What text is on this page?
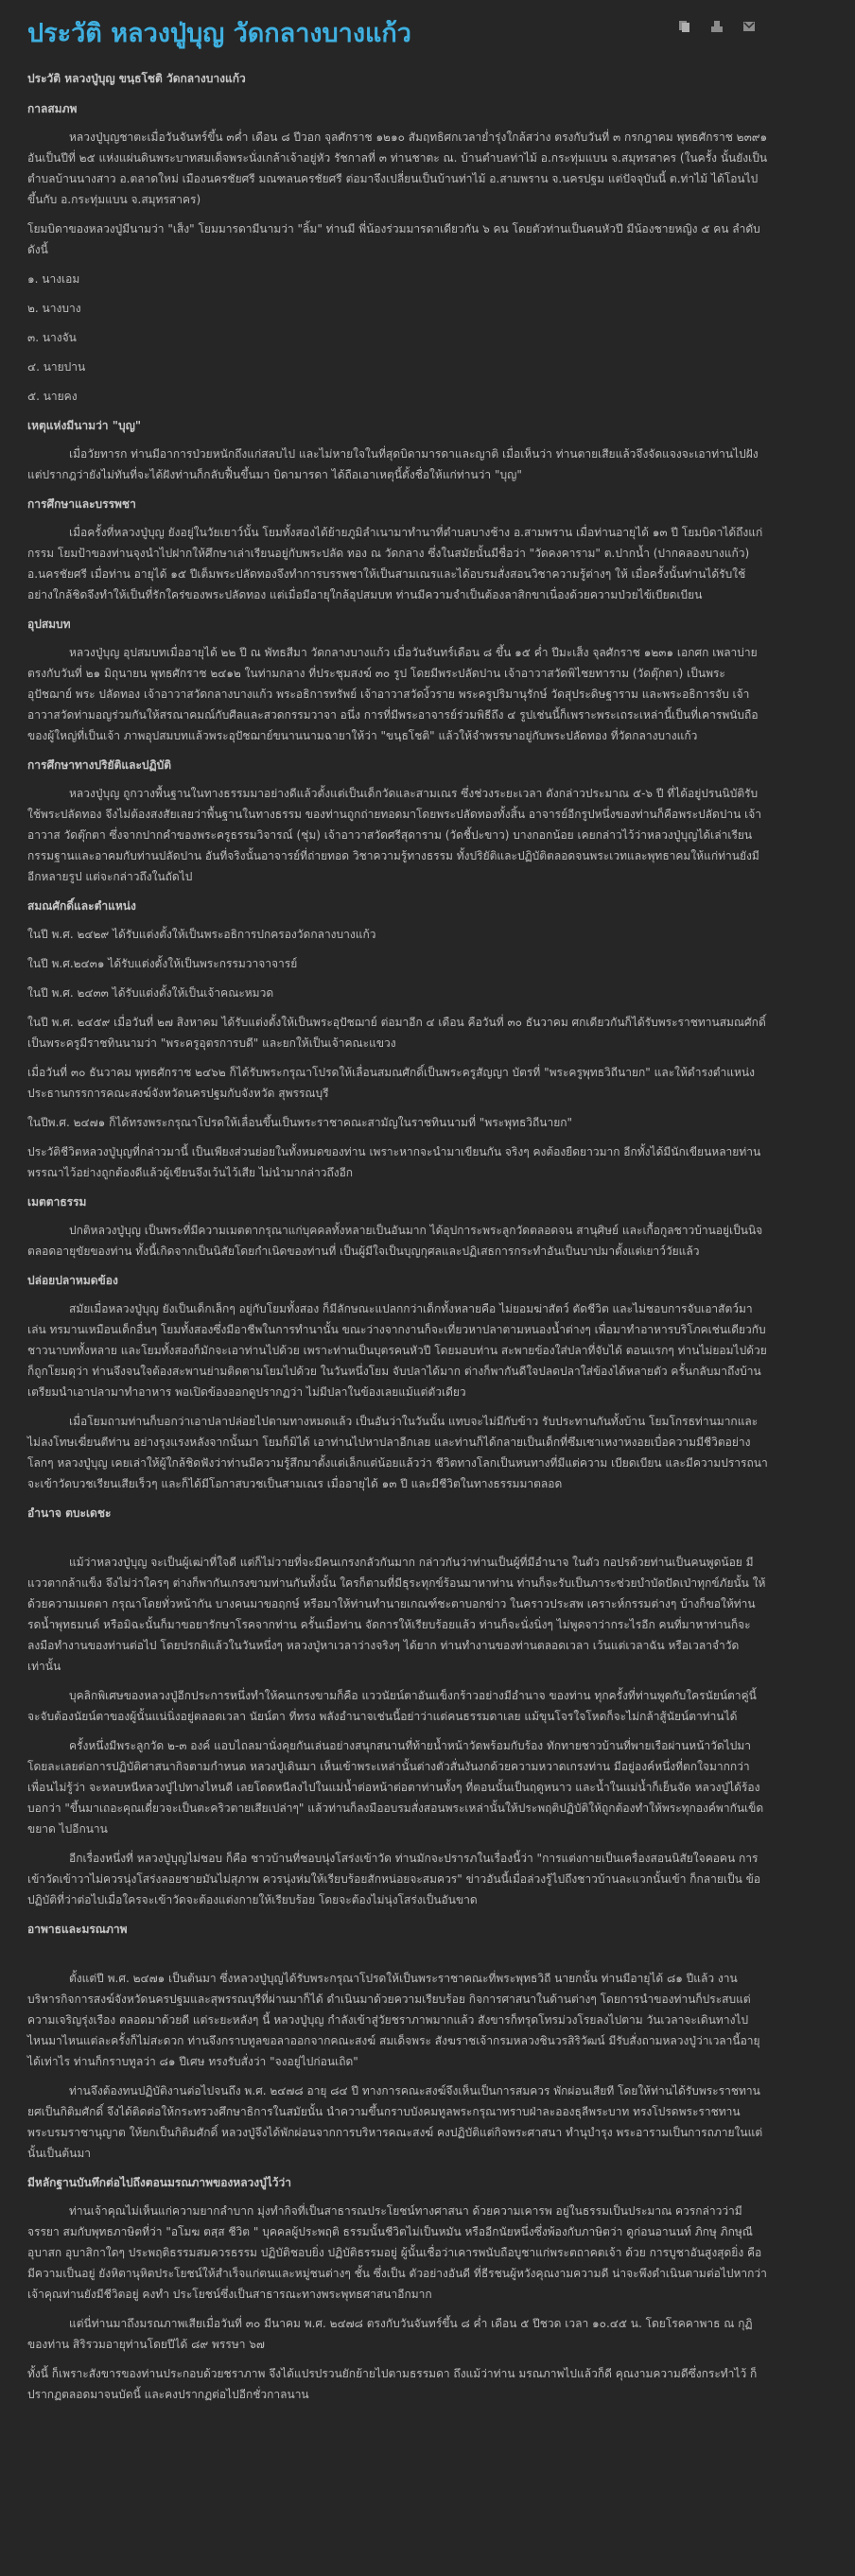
ประวัติ หลวงปู่บุญ วัดกลางบางแก้ว
ประวัติ หลวงปู่บุญ ขนฺธโชติ วัดกลางบางแก้ว
กาลสมภพ

หลวงปู่บุญชาตะเมื่อวันจันทร์ขึ้น ๓ค่ำ เดือน ๘ ปีวอก จุลศักราช ๑๒๑๐ สัมฤทธิศกเวลาย่ำรุ่งใกล้สว่าง ตรงกับวันที่ ๓ กรกฎาคม พุทธศักราช ๒๓๙๑ อันเป็นปีที่ ๒๕ แห่งแผ่นดินพระบาทสมเด็จพระนั่งเกล้าเจ้าอยู่หัว รัชกาลที่ ๓ ท่านชาตะ ณ. บ้านตำบลท่าไม้ อ.กระทุ่มแบน จ.สมุทรสาคร (ในครั้ง นั้นยังเป็นตำบลบ้านนางสาว อ.ตลาดใหม่ เมืองนครชัยศรี มณฑลนครชัยศรี ต่อมาจึงเปลี่ยนเป็นบ้านท่าไม้ อ.สามพราน จ.นครปฐม แต่ปัจจุบันนี้ ต.ท่าไม้ ได้โอนไปขึ้นกับ อ.กระทุ่มแบน จ.สมุทรสาคร)

โยมบิดาของหลวงปู่มีนามว่า "เส็ง" โยมมารดามีนามว่า "ลิ้ม" ท่านมี พี่น้องร่วมมารดาเดียวกัน ๖ คน โดยตัวท่านเป็นคนหัวปี มีน้องชายหญิง ๕ คน ลำดับดังนี้

๑. นางเอม

๒. นางบาง

๓. นางจัน

๔. นายปาน

๕. นายคง

เหตุแห่งมีนามว่า "บุญ"

เมื่อวัยทารก ท่านมีอาการป่วยหนักถึงแก่สลบไป และไม่หายใจในที่สุดบิดามารดาและญาติ เมื่อเห็นว่า ท่านตายเสียแล้วจึงจัดแจงจะเอาท่านไปฝัง แต่ปรากฎว่ายังไม่ทันที่จะได้ฝังท่านก็กลับฟื้นขึ้นมา บิดามารดา ได้ถือเอาเหตุนี้ตั้งชื่อให้แก่ท่านว่า "บุญ"

การศึกษาและบรรพชา

เมื่อครั้งที่หลวงปู่บุญ ยังอยู่ในวัยเยาว์นั้น โยมทั้งสองได้ย้ายภูมิลำเนามาทำนาที่ตำบลบางช้าง อ.สามพราน เมื่อท่านอายุได้ ๑๓ ปี โยมบิดาได้ถึงแก่กรรม โยมป้าของท่านจุงนำไปฝากให้ศึกษาเล่าเรียนอยู่กับพระปลัด ทอง ณ วัดกลาง ซึ่งในสมัยนั้นมีชื่อว่า "วัดคงคาราม" ต.ปากน้ำ (ปากคลองบางแก้ว) อ.นครชัยศรี เมื่อท่าน อายุได้ ๑๕ ปีเต็มพระปลัดทองจึงทำการบรรพชาให้เป็นสามเณรและได้อบรมสั่งสอนวิชาความรู้ต่างๆ ให้ เมื่อครั้งนั้นท่านได้รับใช้อย่างใกล้ชิดจึงทำให้เป็นที่รักใคร่ของพระปลัดทอง แต่เมื่อมีอายุใกล้อุปสมบท ท่านมีความจำเป็นต้องลาสิกขาเนื่องด้วยความป่วยไข้เบียดเบียน

อุปสมบท

หลวงปู่บุญ อุปสมบทเมื่ออายุได้ ๒๒ ปี ณ พัทธสีมา วัดกลางบางแก้ว เมื่อวันจันทร์เดือน ๘ ขึ้น ๑๕ ค่ำ ปีมะเส็ง จุลศักราช ๑๒๓๑ เอกศก เพลาบ่ายตรงกับวันที่ ๒๑ มิถุนายน พุทธศักราช ๒๔๑๒ ในท่ามกลาง ที่ประชุมสงฆ์ ๓๐ รูป โดยมีพระปลัดปาน เจ้าอาวาสวัดพิไชยทาราม (วัดตุ๊กตา) เป็นพระอุปัชฌาย์ พระ ปลัดทอง เจ้าอาวาสวัดกลางบางแก้ว พระอธิการทรัพย์ เจ้าอาวาสวัดงิ้วราย พระครูปริมานุรักษ์ วัดสุประดิษฐาราม และพระอธิการจับ เจ้าอาวาสวัดท่ามอญร่วมกันให้สรณาคมณ์กับศีลและสวดกรรมวาจา อนึ่ง การที่มีพระอาจารย์ร่วมพิธีถึง ๔ รูปเช่นนี้ก็เพราะพระเถระเหล่านี้เป็นที่เคารพนับถือ ของผู้ใหญ่ที่เป็นเจ้า ภาพอุปสมบทแล้วพระอุปัชฌาย์ขนานนามฉายาให้ว่า "ขนฺธโชติ" แล้วให้จำพรรษาอยู่กับพระปลัดทอง ที่วัดกลางบางแก้ว

การศึกษาทางปริยัติและปฏิบัติ

หลวงปู่บุญ ถูกวางพื้นฐานในทางธรรมมาอย่างดีแล้วตั้งแต่เป็นเด็กวัดและสามเณร ซึ่งช่วงระยะเวลา ดังกล่าวประมาณ ๕-๖ ปี ที่ได้อยู่ปรนนิบัติรับใช้พระปลัดทอง จึงไม่ต้องสงสัยเลยว่าพื้นฐานในทางธรรม ของท่านถูกถ่ายทอดมาโดยพระปลัดทองทั้งสิ้น อาจารย์อีกรูปหนึ่งของท่านก็คือพระปลัดปาน เจ้าอาวาส วัดตุ๊กตา ซึ่งจากปากคำของพระครูธรรมวิจารณ์ (ชุ่ม) เจ้าอาวาสวัดศรีสุดาราม (วัดชี้ปะขาว) บางกอกน้อย เคยกล่าวไว้ว่าหลวงปู่บุญได้เล่าเรียนกรรมฐานและอาคมกับท่านปลัดปาน อันที่จริงนั้นอาจารย์ที่ถ่ายทอด วิชาความรู้ทางธรรม ทั้งปริยัติและปฏิบัติตลอดจนพระเวทและพุทธาคมให้แก่ท่านยังมีอีกหลายรูป แต่จะกล่าวถึงในถัดไป

สมณศักดิ์และตำแหน่ง

ในปี พ.ศ. ๒๔๒๙ ได้รับแต่งตั้งให้เป็นพระอธิการปกครองวัดกลางบางแก้ว

ในปี พ.ศ.๒๔๓๑ ได้รับแต่งตั้งให้เป็นพระกรรมวาจาจารย์

ในปี พ.ศ. ๒๔๓๓ ได้รับแต่งตั้งให้เป็นเจ้าคณะหมวด

ในปี พ.ศ. ๒๔๕๙ เมื่อวันที่ ๒๗ สิงหาคม ได้รับแต่งตั้งให้เป็นพระอุปัชฌาย์ ต่อมาอีก ๔ เดือน คือวันที่ ๓๐ ธันวาคม ศกเดียวกันก็ได้รับพระราชทานสมณศักดิ์เป็นพระครูมีราชทินนามว่า "พระครูอุตรการบดี" และยกให้เป็นเจ้าคณะแขวง

เมื่อวันที่ ๓๐ ธันวาคม พุทธศักราช ๒๔๖๒ ก็ได้รับพระกรุณาโปรดให้เลื่อนสมณศักดิ์เป็นพระครูสัญญา บัตรที่ "พระครูพุทธวิถีนายก" และให้ดำรงตำแหน่งประธานกรรการคณะสงฆ์จังหวัดนครปฐมกับจังหวัด สุพรรณบุรี

ในปีพ.ศ. ๒๔๗๑ ก็ได้ทรงพระกรุณาโปรดให้เลื่อนขึ้นเป็นพระราชาคณะสามัญในราชทินนามที่ "พระพุทธวิถีนายก"

ประวัติชีวิตหลวงปู่บุญที่กล่าวมานี้ เป็นเพียงส่วนย่อยในทั้งหมดของท่าน เพราะหากจะนำมาเขียนกัน จริงๆ คงต้องยืดยาวมาก อีกทั้งได้มีนักเขียนหลายท่านพรรณาไว้อย่างถูกต้องดีแล้วผู้เขียนจึงเว้นไว้เสีย ไม่นำมากล่าวถึงอีก

เมตตาธรรม

ปกติหลวงปู่บุญ เป็นพระที่มีความเมตตากรุณาแก่บุคคลทั้งหลายเป็นอันมาก ได้อุปการะพระลูกวัดตลอดจน สานุศิษย์ และเกื้อกูลชาวบ้านอยู่เป็นนิจ ตลอดอายุขัยของท่าน ทั้งนี้เกิดจากเป็นนิสัยโดยกำเนิดของท่านที่ เป็นผู้มีใจเป็นบุญกุศลและปฏิเสธการกระทำอันเป็นบาปมาตั้งแต่เยาว์วัยแล้ว

ปล่อยปลาหมดข้อง

สมัยเมื่อหลวงปู่บุญ ยังเป็นเด็กเล็กๆ อยู่กับโยมทั้งสอง ก็มีลักษณะแปลกกว่าเด็กทั้งหลายคือ ไม่ยอมฆ่าสัตว์ ตัดชีวิต และไม่ชอบการจับเอาสัตว์มาเล่น ทรมานเหมือนเด็กอื่นๆ โยมทั้งสองซึ่งมีอาชีพในการทำนานั้น ขณะว่างจากงานก็จะเที่ยวหาปลาตามหนองน้ำต่างๆ เพื่อมาทำอาหารบริโภคเช่นเดียวกับชาวนาบททั้งหลาย และโยมทั้งสองก็มักจะเอาท่านไปด้วย เพราะท่านเป็นบุตรคนหัวปี โดยมอบท่าน สะพายข้องใส่ปลาที่จับได้ ตอนแรกๆ ท่านไม่ยอมไปด้วย ก็ถูกโยมดุว่า ท่านจึงจนใจต้องสะพานย่ามติดตามโยมไปด้วย ในวันหนึ่งโยม จับปลาได้มาก ต่างก็พากันดีใจปลดปลาใส่ข้องได้หลายตัว ครั้นกลับมาถึงบ้านเตรียมนำเอาปลามาทำอาหาร พอเปิดข้องออกดูปรากฏว่า ไม่มีปลาในข้องเลยแม้แต่ตัวเดียว

เมื่อโยมถามท่านก็บอกว่าเอาปลาปล่อยไปตามทางหมดแล้ว เป็นอันว่าในวันนั้น แทบจะไม่มีกับข้าว รับประทานกันทั้งบ้าน โยมโกรธท่านมากและไม่ลงโทษเฆี่ยนตีท่าน อย่างรุงแรงหลังจากนั้นมา โยมก็มิได้ เอาท่านไปหาปลาอีกเลย และท่านก็ได้กลายเป็นเด็กที่ซึมเซาเหงาหงอยเบื่อความมีชีวิตอย่างโลกๆ หลวงปู่บุญ เคยเล่าให้ผู้ใกล้ชิดฟังว่าท่านมีความรู้สึกมาตั้งแต่เล็กแต่น้อยแล้วว่า ชีวิตทางโลกเป็นหนทางที่มีแต่ความ เบียดเบียน และมีความปรารถนาจะเข้าวัดบวชเรียนเสียเร็วๆ และก็ได้มีโอกาสบวชเป็นสามเณร เมื่ออายุได้ ๑๓ ปี และมีชีวิตในทางธรรมมาตลอด

อำนาจ ตบะเดชะ

แม้ว่าหลวงปู่บุญ จะเป็นผู้เฒ่าที่ใจดี แต่ก็ไม่วายที่จะมีคนเกรงกลัวกันมาก กล่าวกันว่าท่านเป็นผู้ที่มีอำนาจ ในตัว กอปรด้วยท่านเป็นคนพูดน้อย มีแววตากล้าแข็ง จึงไม่ว่าใครๆ ต่างก็พากันเกรงขามท่านกันทั้งนั้น ใครก็ตามที่มีธุระทุกข์ร้อนมาหาท่าน ท่านก็จะรับเป็นภาระช่วยบำบัดปัดเป่าทุกข์ภัยนั้น ให้ด้วยความเมตตา กรุณาโดยทั่วหน้ากัน บางคนมาขอฤกษ์ หรือมาให้ท่านทำนายเกณฑ์ชะตาบอกข่าว ในคราวประสพ เคราะห์กรรมต่างๆ บ้างก็ขอให้ท่านรดน้ำพุทธมนต์ หรือมิฉะนั้นก็มาขอยารักษาโรคจากท่าน ครั้นเมื่อท่าน จัดการให้เรียบร้อยแล้ว ท่านก็จะนั่งนิ่งๆ ไม่พูดจาว่ากระไรอีก คนที่มาหาท่านก็จะลงมือทำงานของท่านต่อไป โดยปรกติแล้วในวันหนึ่งๆ หลวงปู่หาเวลาว่างจริงๆ ได้ยาก ท่านทำงานของท่านตลอดเวลา เว้นแต่เวลาฉัน หรือเวลาจำวัดเท่านั้น

บุคลิกพิเศษของหลวงปู่อีกประการหนึ่งทำให้คนเกรงขามก็คือ แววนัยน์ตาอันแข็งกร้าวอย่างมีอำนาจ ของท่าน ทุกครั้งที่ท่านพูดกับใครนัยน์ตาคู่นี้จะจับต้องนัยน์ตาของผู้นั้นแน่นิ่งอยู่ตลอดเวลา นัยน์ตา ที่ทรง พลังอำนาจเช่นนี้อย่าว่าแต่คนธรรมดาเลย แม้ขุนโจรใจโหดก็จะไม่กล้าสู้นัยน์ตาท่านได้

ครั้งหนึ่งมีพระลูกวัด ๒-๓ องค์ แอบไถลมานั่งคุยกันเล่นอย่างสนุกสนานที่ท้ายน้ำหน้าวัดพร้อมกับร้อง ทักทายชาวบ้านที่พายเรือผ่านหน้าวัดไปมา โดยละเลยต่อการปฏิบัติศาสนากิจตามกำหนด หลวงปู่เดินมา เห็นเข้าพระเหล่านั้นต่างตัวสั่นงันงกด้วยความหวาดเกรงท่าน มีอยู่องค์หนึ่งที่ตกใจมากกว่าเพื่อนไม่รู้ว่า จะหลบหนีหลวงปู่ไปทางไหนดี เลยโดดหนีลงไปในแม่น้ำต่อหน้าต่อตาท่านทั้งๆ ที่ตอนนั้นเป็นฤดูหนาว และน้ำในแม่น้ำก็เย็นจัด หลวงปู่ได้ร้องบอกว่า "ขึ้นมาเถอะคุณเดี๋ยวจะเป็นตะคริวตายเสียเปล่าๆ" แล้วท่านก็ลงมืออบรมสั่งสอนพระเหล่านั้นให้ประพฤติปฏิบัติให้ถูกต้องทำให้พระทุกองค์พากันเข็ดขยาด ไปอีกนาน

อีกเรื่องหนึ่งที่ หลวงปู่บุญไม่ชอบ ก็คือ ชาวบ้านที่ชอบนุ่งโสร่งเข้าวัด ท่านมักจะปรารภในเรื่องนี้ว่า "การแต่งกายเป็นเครื่องสอนนิสัยใจคอคน การเข้าวัดเข้าวาไม่ควรนุ่งโสร่งลอยชายมันไม่สุภาพ ควรนุ่งห่มให้เรียบร้อยสักหน่อยจะสมควร" ข่าวอันนี้เมื่อล่วงรู้ไปถึงชาวบ้านละแวกนั้นเข้า ก็กลายเป็น ข้อปฏิบัติที่ว่าต่อไปเมื่อใครจะเข้าวัดจะต้องแต่งกายให้เรียบร้อย โดยจะต้องไม่นุ่งโสร่งเป็นอันขาด

อาพาธและมรณภาพ

ตั้งแต่ปี พ.ศ. ๒๔๗๑ เป็นต้นมา ซึ่งหลวงปู่บุญได้รับพระกรุณาโปรดให้เป็นพระราชาคณะที่พระพุทธวิถี นายกนั้น ท่านมีอายุได้ ๘๑ ปีแล้ว งานบริหารกิจการสงฆ์จังหวัดนครปฐมและสุพรรณบุรีที่ผ่านมาก็ได้ ดำเนินมาด้วยความเรียบร้อย กิจการศาสนาในด้านต่างๆ โดยการนำของท่านก็ประสบแต่ความเจริญรุ่งเรือง ตลอดมาด้วยดี แต่ระยะหลังๆ นี้ หลวงปู่บุญ กำลังเข้าสู่วัยชราภาพมากแล้ว สังขารก็ทรุดโทรม่วงโรยลงไปตาม วันเวลาจะเดินทางไปไหนมาไหนแต่ละครั้งก็ไม่สะดวก ท่านจึงกราบทูลขอลาออกจากคณะสงฆ์ สมเด็จพระ สังฆราชเจ้ากรมหลวงชินวรสิริวัฒน์ มีรับสั่งถามหลวงปู่ว่าเวลานี้อายุได้เท่าไร ท่านก็กราบทูลว่า ๘๑ ปีเศษ ทรงรับสั่งว่า "จงอยู่ไปก่อนเถิด"

ท่านจึงต้องทนปฏิบัติงานต่อไปจนถึง พ.ศ. ๒๔๗๘ อายุ ๘๔ ปี ทางการคณะสงฆ์จึงเห็นเป็นการสมควร พักผ่อนเสียที โดยให้ท่านได้รับพระราชทานยศเป็นกิติมศักดิ์ จึงได้ติดต่อให้กระทรวงศึกษาธิการในสมัยนั้น นำความขึ้นกราบบังคมทูลพระกรุณาทราบฝ่าละอองธุลีพระบาท ทรงโปรดพระราชทานพระบรมราชานุญาต ให้ยกเป็นกิติมศักดิ์ หลวงปู่จึงได้พักผ่อนจากการบริหารคณะสงฆ์ คงปฏิบัติแต่กิจพระศาสนา ทำนุบำรุง พระอารามเป็นการถภายในแต่นั้นเป็นต้นมา

มีหลักฐานบันทึกต่อไปถึงตอนมรณภาพของหลวงปู่ไว้ว่า

ท่านเจ้าคุณไม่เห็นแก่ความยากลำบาก มุ่งทำกิจที่เป็นสาธารณประโยชน์ทางศาสนา ด้วยความเคารพ อยู่ในธรรมเป็นประมาณ ควรกล่าวว่ามีจรรยา สมกับพุทธภาษิตที่ว่า "อโมฆ ตสฺส ชีวิต " บุคคลผู้ประพฤติ ธรรมนั้นชีวิตไม่เป็นหมัน หรืออีกนัยหนึ่งซึ่งพ้องกับภาษิตว่า ดูก่อนอานนท์ ภิกษุ ภิกษุณี อุบาสก อุบาสิกาใดๆ ประพฤติธรรมสมควรธรรม ปฏิบัติชอบยิ่ง ปฏิบัติธรรมอยู่ ผู้นั้นเชื่อว่าเคารพนับถือบูชาแก่พระตถาคตเจ้า ด้วย การบูชาอันสูงสุดยิ่ง คือมีความเป็นอยู่ ยังหิตานุหิตประโยชน์ให้สำเร็จแก่ตนและหมู่ชนต่างๆ ชั้น ซึ่งเป็น ตัวอย่างอันดี ที่ธีรชนผู้หวังคุณงามความดี น่าจะพึงดำเนินตามต่อไปหากว่าเจ้าคุณท่านยังมีชีวิตอยู่ คงทำ ประโยชน์ซึ่งเป็นสาธารณะทางพระพุทธศาสนาอีกมาก

แต่นี่ท่านมาถึงมรณภาพเสียเมื่อวันที่ ๓๐ มีนาคม พ.ศ. ๒๔๗๘ ตรงกับวันจันทร์ขึ้น ๘ ค่ำ เดือน ๕ ปีชวด เวลา ๑๐.๔๕ น. โดยโรคคาพาธ ณ กุฏิของท่าน สิริรวมอายุท่านโดยปีได้ ๘๙ พรรษา ๖๗

ทั้งนี้ ก็เพราะสังขารของท่านประกอบด้วยชราภาพ จึงได้แปรปรวนยักย้ายไปตามธรรมดา ถึงแม้ว่าท่าน มรณภาพไปแล้วก็ดี คุณงามความดีซึ่งกระทำไว้ ก็ปรากฏตลอดมาจนบัดนี้ และคงปรากฏต่อไปอีกชั่วกาลนาน
